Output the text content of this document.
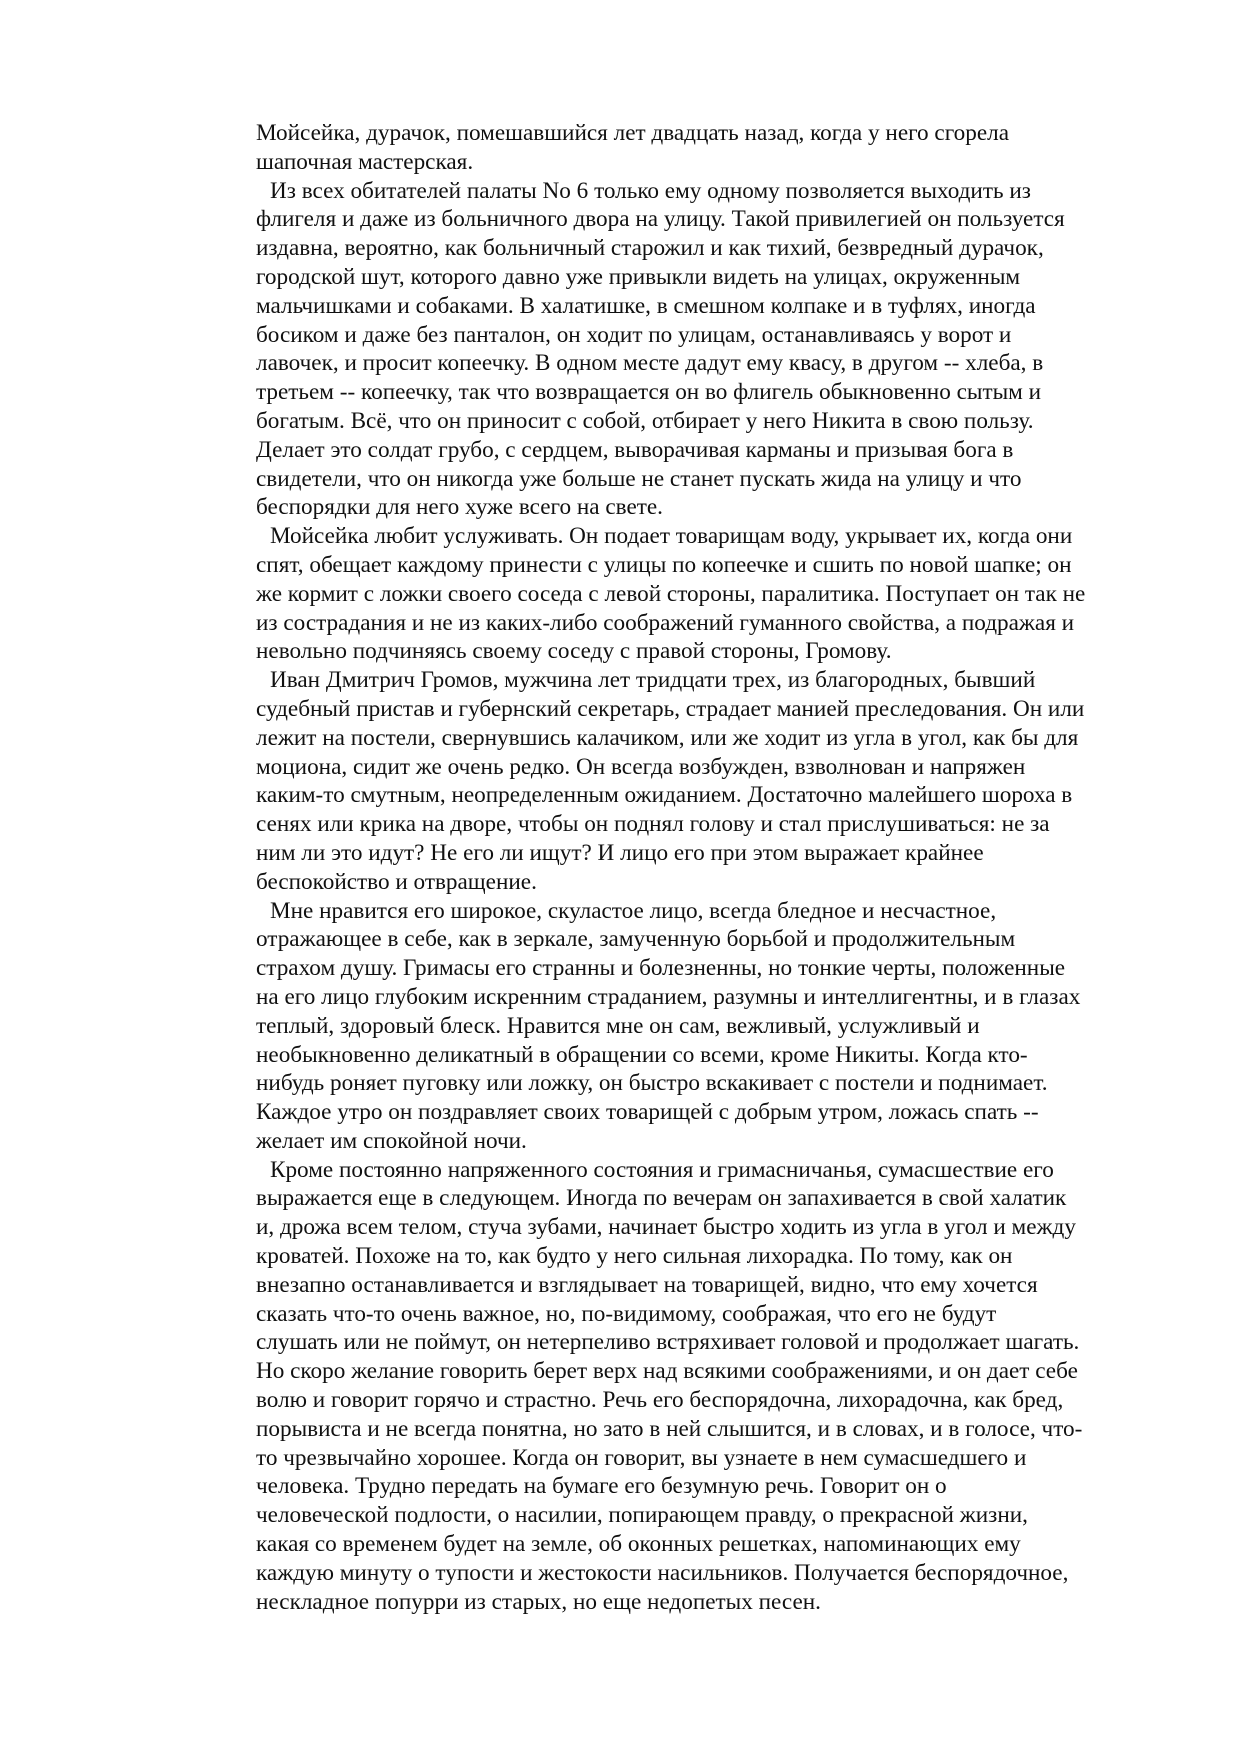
Мойсейка, дурачок, помешавшийся лет двадцать назад, когда у него сгорела
шапочная мастерская.
Из всех обитателей палаты No 6 только ему одному позволяется выходить из
флигеля и даже из больничного двора на улицу. Такой привилегией он пользуется
издавна, вероятно, как больничный старожил и как тихий, безвредный дурачок,
городской шут, которого давно уже привыкли видеть на улицах, окруженным
мальчишками и собаками. В халатишке, в смешном колпаке и в туфлях, иногда
босиком и даже без панталон, он ходит по улицам, останавливаясь у ворот и
лавочек, и просит копеечку. В одном месте дадут ему квасу, в другом -- хлеба, в
третьем -- копеечку, так что возвращается он во флигель обыкновенно сытым и
богатым. Всё, что он приносит с собой, отбирает у него Никита в свою пользу.
Делает это солдат грубо, с сердцем, выворачивая карманы и призывая бога в
свидетели, что он никогда уже больше не станет пускать жида на улицу и что
беспорядки для него хуже всего на свете.
Мойсейка любит услуживать. Он подает товарищам воду, укрывает их, когда они
спят, обещает каждому принести с улицы по копеечке и сшить по новой шапке; он
же кормит с ложки своего соседа с левой стороны, паралитика. Поступает он так не
из сострадания и не из каких-либо соображений гуманного свойства, а подражая и
невольно подчиняясь своему соседу с правой стороны, Громову.
Иван Дмитрич Громов, мужчина лет тридцати трех, из благородных, бывший
судебный пристав и губернский секретарь, страдает манией преследования. Он или
лежит на постели, свернувшись калачиком, или же ходит из угла в угол, как бы для
моциона, сидит же очень редко. Он всегда возбужден, взволнован и напряжен
каким-то смутным, неопределенным ожиданием. Достаточно малейшего шороха в
сенях или крика на дворе, чтобы он поднял голову и стал прислушиваться: не за
ним ли это идут? Не его ли ищут? И лицо его при этом выражает крайнее
беспокойство и отвращение.
Мне нравится его широкое, скуластое лицо, всегда бледное и несчастное,
отражающее в себе, как в зеркале, замученную борьбой и продолжительным
страхом душу. Гримасы его странны и болезненны, но тонкие черты, положенные
на его лицо глубоким искренним страданием, разумны и интеллигентны, и в глазах
теплый, здоровый блеск. Нравится мне он сам, вежливый, услужливый и
необыкновенно деликатный в обращении со всеми, кроме Никиты. Когда кто-
нибудь роняет пуговку или ложку, он быстро вскакивает с постели и поднимает.
Каждое утро он поздравляет своих товарищей с добрым утром, ложась спать --
желает им спокойной ночи.
Кроме постоянно напряженного состояния и гримасничанья, сумасшествие его
выражается еще в следующем. Иногда по вечерам он запахивается в свой халатик
и, дрожа всем телом, стуча зубами, начинает быстро ходить из угла в угол и между
кроватей. Похоже на то, как будто у него сильная лихорадка. По тому, как он
внезапно останавливается и взглядывает на товарищей, видно, что ему хочется
сказать что-то очень важное, но, по-видимому, соображая, что его не будут
слушать или не поймут, он нетерпеливо встряхивает головой и продолжает шагать.
Но скоро желание говорить берет верх над всякими соображениями, и он дает себе
волю и говорит горячо и страстно. Речь его беспорядочна, лихорадочна, как бред,
порывиста и не всегда понятна, но зато в ней слышится, и в словах, и в голосе, что-
то чрезвычайно хорошее. Когда он говорит, вы узнаете в нем сумасшедшего и
человека. Трудно передать на бумаге его безумную речь. Говорит он о
человеческой подлости, о насилии, попирающем правду, о прекрасной жизни,
какая со временем будет на земле, об оконных решетках, напоминающих ему
каждую минуту о тупости и жестокости насильников. Получается беспорядочное,
нескладное попурри из старых, но еще недопетых песен.
